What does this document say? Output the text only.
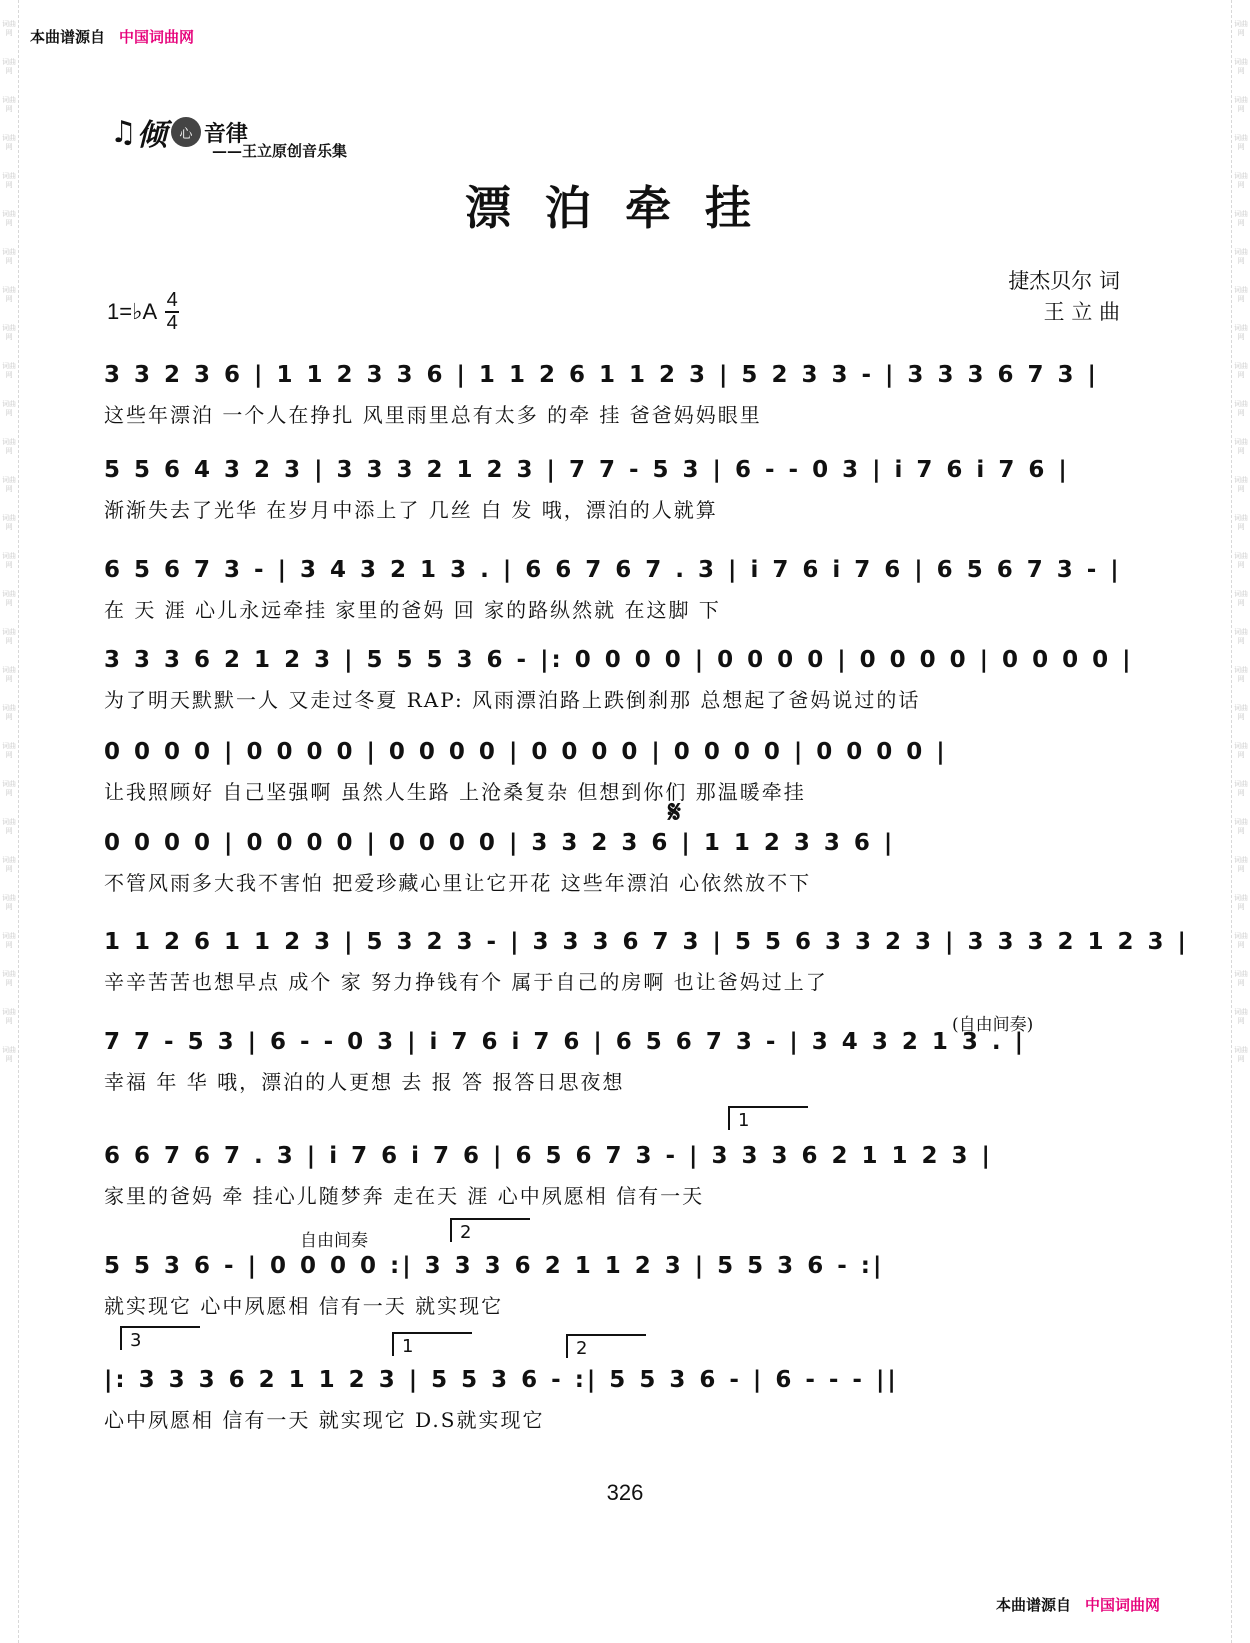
词曲网
词曲网
词曲网
词曲网
词曲网
词曲网
词曲网
词曲网
词曲网
词曲网
词曲网
词曲网
词曲网
词曲网
词曲网
词曲网
词曲网
词曲网
词曲网
词曲网
词曲网
词曲网
词曲网
词曲网
词曲网
词曲网
词曲网
词曲网
词曲网
词曲网
词曲网
词曲网
词曲网
词曲网
词曲网
词曲网
词曲网
词曲网
词曲网
词曲网
词曲网
词曲网
词曲网
词曲网
词曲网
词曲网
词曲网
词曲网
词曲网
词曲网
词曲网
词曲网
词曲网
词曲网
词曲网
词曲网
本曲谱源自 中国词曲网
♫ 倾 心 音律
——王立原创音乐集
漂泊牵挂
捷杰贝尔 词
王 立 曲
1=♭A $\frac{4}{4}$
3 3 2 3 6 | 1 1 2 3 3 6 | 1 1 2 6 1 1 2 3 | 5 2 3 3 - | 3 3 3 6 7 3 |
这些年漂泊 一个人在挣扎 风里雨里总有太多 的牵 挂 爸爸妈妈眼里
5 5 6 4 3 2 3 | 3 3 3 2 1 2 3 | 7 7 - 5 3 | 6 - - 0 3 | i 7 6 i 7 6 |
渐渐失去了光华 在岁月中添上了 几丝 白 发 哦，漂泊的人就算
6 5 6 7 3 - | 3 4 3 2 1 3 . | 6 6 7 6 7 . 3 | i 7 6 i 7 6 | 6 5 6 7 3 - |
在 天 涯 心儿永远牵挂 家里的爸妈 回 家的路纵然就 在这脚 下
3 3 3 6 2 1 2 3 | 5 5 5 3 6 - |: 0 0 0 0 | 0 0 0 0 | 0 0 0 0 | 0 0 0 0 |
为了明天默默一人 又走过冬夏 RAP: 风雨漂泊路上跌倒刹那 总想起了爸妈说过的话
0 0 0 0 | 0 0 0 0 | 0 0 0 0 | 0 0 0 0 | 0 0 0 0 | 0 0 0 0 |
让我照顾好 自己坚强啊 虽然人生路 上沧桑复杂 但想到你们 那温暖牵挂
𝄋
0 0 0 0 | 0 0 0 0 | 0 0 0 0 | 3 3 2 3 6 | 1 1 2 3 3 6 |
不管风雨多大我不害怕 把爱珍藏心里让它开花 这些年漂泊 心依然放不下
1 1 2 6 1 1 2 3 | 5 3 2 3 - | 3 3 3 6 7 3 | 5 5 6 3 3 2 3 | 3 3 3 2 1 2 3 |
辛辛苦苦也想早点 成个 家 努力挣钱有个 属于自己的房啊 也让爸妈过上了
(自由间奏)
7 7 - 5 3 | 6 - - 0 3 | i 7 6 i 7 6 | 6 5 6 7 3 - | 3 4 3 2 1 3 . |
幸福 年 华 哦，漂泊的人更想 去 报 答 报答日思夜想
1
6 6 7 6 7 . 3 | i 7 6 i 7 6 | 6 5 6 7 3 - | 3 3 3 6 2 1 1 2 3 |
家里的爸妈 牵 挂心儿随梦奔 走在天 涯 心中夙愿相 信有一天
自由间奏	2
5 5 3 6 - | 0 0 0 0 :| 3 3 3 6 2 1 1 2 3 | 5 5 3 6 - :|
就实现它 心中夙愿相 信有一天 就实现它
3	1	2
|: 3 3 3 6 2 1 1 2 3 | 5 5 3 6 - :| 5 5 3 6 - | 6 - - - ||
心中夙愿相 信有一天 就实现它 D.S就实现它
326
本曲谱源自 中国词曲网
